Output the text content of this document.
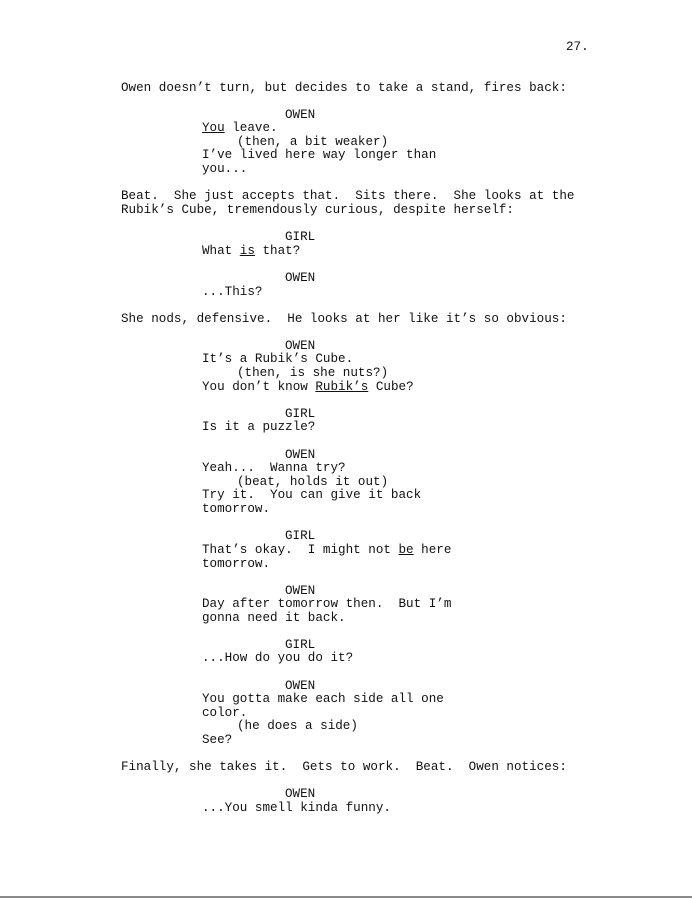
27.
Owen doesn’t turn, but decides to take a stand, fires back:
OWEN
You leave.
(then, a bit weaker)
I’ve lived here way longer than
you...
Beat.  She just accepts that.  Sits there.  She looks at the
Rubik’s Cube, tremendously curious, despite herself:
GIRL
What is that?
OWEN
...This?
She nods, defensive.  He looks at her like it’s so obvious:
OWEN
It’s a Rubik’s Cube.
(then, is she nuts?)
You don’t know Rubik’s Cube?
GIRL
Is it a puzzle?
OWEN
Yeah...  Wanna try?
(beat, holds it out)
Try it.  You can give it back
tomorrow.
GIRL
That’s okay.  I might not be here
tomorrow.
OWEN
Day after tomorrow then.  But I’m
gonna need it back.
GIRL
...How do you do it?
OWEN
You gotta make each side all one
color.
(he does a side)
See?
Finally, she takes it.  Gets to work.  Beat.  Owen notices:
OWEN
...You smell kinda funny.
